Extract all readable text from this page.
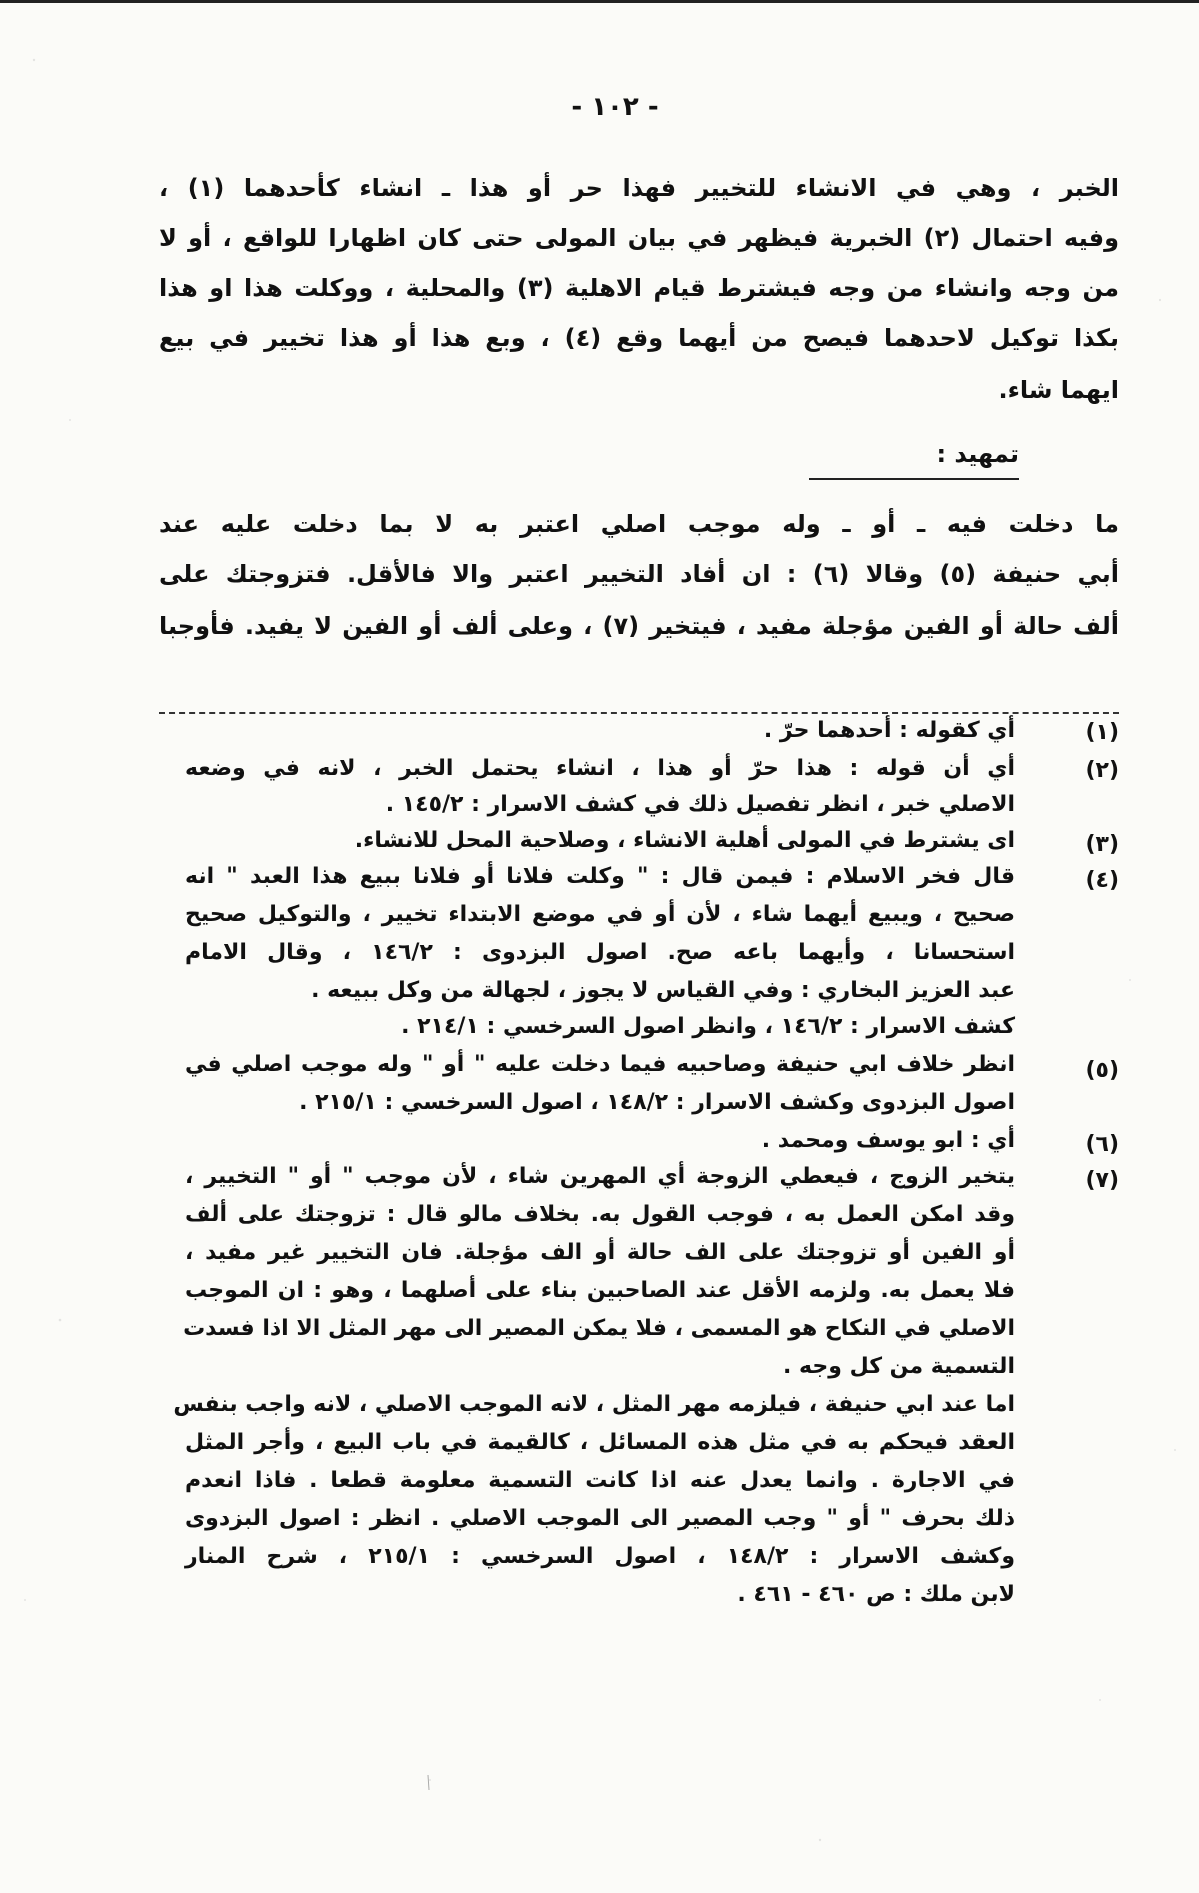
- ١٠٢ -
الخبر ، وهي في الانشاء للتخيير فهذا حر أو هذا ـ انشاء كأحدهما (١) ،
وفيه احتمال (٢) الخبرية فيظهر في بيان المولى حتى كان اظهارا للواقع ، أو لا
من وجه وانشاء من وجه فيشترط قيام الاهلية (٣) والمحلية ، ووكلت هذا او هذا
بكذا توكيل لاحدهما فيصح من أيهما وقع (٤) ، وبع هذا أو هذا تخيير في بيع
ايهما شاء.
تمهيد :
ما دخلت فيه ـ أو ـ وله موجب اصلي اعتبر به لا بما دخلت عليه عند
أبي حنيفة (٥) وقالا (٦) : ان أفاد التخيير اعتبر والا فالأقل. فتزوجتك على
ألف حالة أو الفين مؤجلة مفيد ، فيتخير (٧) ، وعلى ألف أو الفين لا يفيد. فأوجبا
(١)
أي كقوله : أحدهما حرّ .
(٢)
أي أن قوله : هذا حرّ أو هذا ، انشاء يحتمل الخبر ، لانه في وضعه
الاصلي خبر ، انظر تفصيل ذلك في كشف الاسرار : ١٤٥/٢ .
(٣)
اى يشترط في المولى أهلية الانشاء ، وصلاحية المحل للانشاء.
(٤)
قال فخر الاسلام : فيمن قال : " وكلت فلانا أو فلانا ببيع هذا العبد " انه
صحيح ، ويبيع أيهما شاء ، لأن أو في موضع الابتداء تخيير ، والتوكيل صحيح
استحسانا ، وأيهما باعه صح. اصول البزدوى : ١٤٦/٢ ، وقال الامام
عبد العزيز البخاري : وفي القياس لا يجوز ، لجهالة من وكل ببيعه .
كشف الاسرار : ١٤٦/٢ ، وانظر اصول السرخسي : ٢١٤/١ .
(٥)
انظر خلاف ابي حنيفة وصاحبيه فيما دخلت عليه " أو " وله موجب اصلي في
اصول البزدوى وكشف الاسرار : ١٤٨/٢ ، اصول السرخسي : ٢١٥/١ .
(٦)
أي : ابو يوسف ومحمد .
(٧)
يتخير الزوج ، فيعطي الزوجة أي المهرين شاء ، لأن موجب " أو " التخيير ،
وقد امكن العمل به ، فوجب القول به. بخلاف مالو قال : تزوجتك على ألف
أو الفين أو تزوجتك على الف حالة أو الف مؤجلة. فان التخيير غير مفيد ،
فلا يعمل به. ولزمه الأقل عند الصاحبين بناء على أصلهما ، وهو : ان الموجب
الاصلي في النكاح هو المسمى ، فلا يمكن المصير الى مهر المثل الا اذا فسدت
التسمية من كل وجه .
اما عند ابي حنيفة ، فيلزمه مهر المثل ، لانه الموجب الاصلي ، لانه واجب بنفس
العقد فيحكم به في مثل هذه المسائل ، كالقيمة في باب البيع ، وأجر المثل
في الاجارة . وانما يعدل عنه اذا كانت التسمية معلومة قطعا . فاذا انعدم
ذلك بحرف " أو " وجب المصير الى الموجب الاصلي . انظر : اصول البزدوى
وكشف الاسرار : ١٤٨/٢ ، اصول السرخسي : ٢١٥/١ ، شرح المنار
لابن ملك : ص ٤٦٠ - ٤٦١ .
